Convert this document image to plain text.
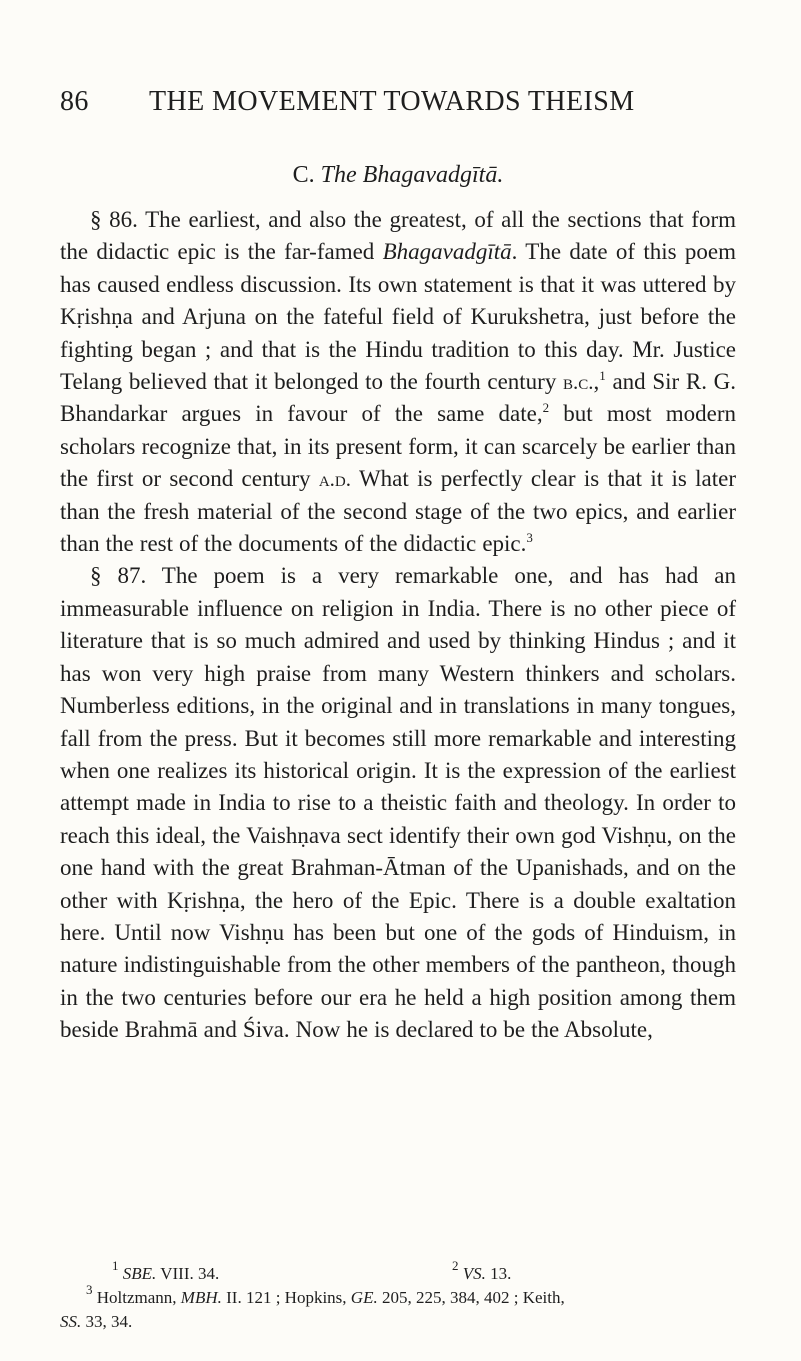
86 THE MOVEMENT TOWARDS THEISM
C. The Bhagavadgītā.

§ 86. The earliest, and also the greatest, of all the sections that form the didactic epic is the far-famed Bhagavadgītā. The date of this poem has caused endless discussion. Its own statement is that it was uttered by Kṛishṇa and Arjuna on the fateful field of Kurukshetra, just before the fighting began ; and that is the Hindu tradition to this day. Mr. Justice Telang believed that it belonged to the fourth century b.c.,$^1$ and Sir R. G. Bhandarkar argues in favour of the same date,$^2$ but most modern scholars recognize that, in its present form, it can scarcely be earlier than the first or second century a.d. What is perfectly clear is that it is later than the fresh material of the second stage of the two epics, and earlier than the rest of the documents of the didactic epic.$^3$

§ 87. The poem is a very remarkable one, and has had an immeasurable influence on religion in India. There is no other piece of literature that is so much admired and used by thinking Hindus ; and it has won very high praise from many Western thinkers and scholars. Numberless editions, in the original and in translations in many tongues, fall from the press. But it becomes still more remarkable and interesting when one realizes its historical origin. It is the expression of the earliest attempt made in India to rise to a theistic faith and theology. In order to reach this ideal, the Vaishṇava sect identify their own god Vishṇu, on the one hand with the great Brahman-Ātman of the Upanishads, and on the other with Kṛishṇa, the hero of the Epic. There is a double exaltation here. Until now Vishṇu has been but one of the gods of Hinduism, in nature indistinguishable from the other members of the pantheon, though in the two centuries before our era he held a high position among them beside Brahmā and Śiva. Now he is declared to be the Absolute,

$^1$ SBE. VIII. 34.	$^2$ VS. 13.

$^3$ Holtzmann, MBH. II. 121 ; Hopkins, GE. 205, 225, 384, 402 ; Keith,

SS. 33, 34.
